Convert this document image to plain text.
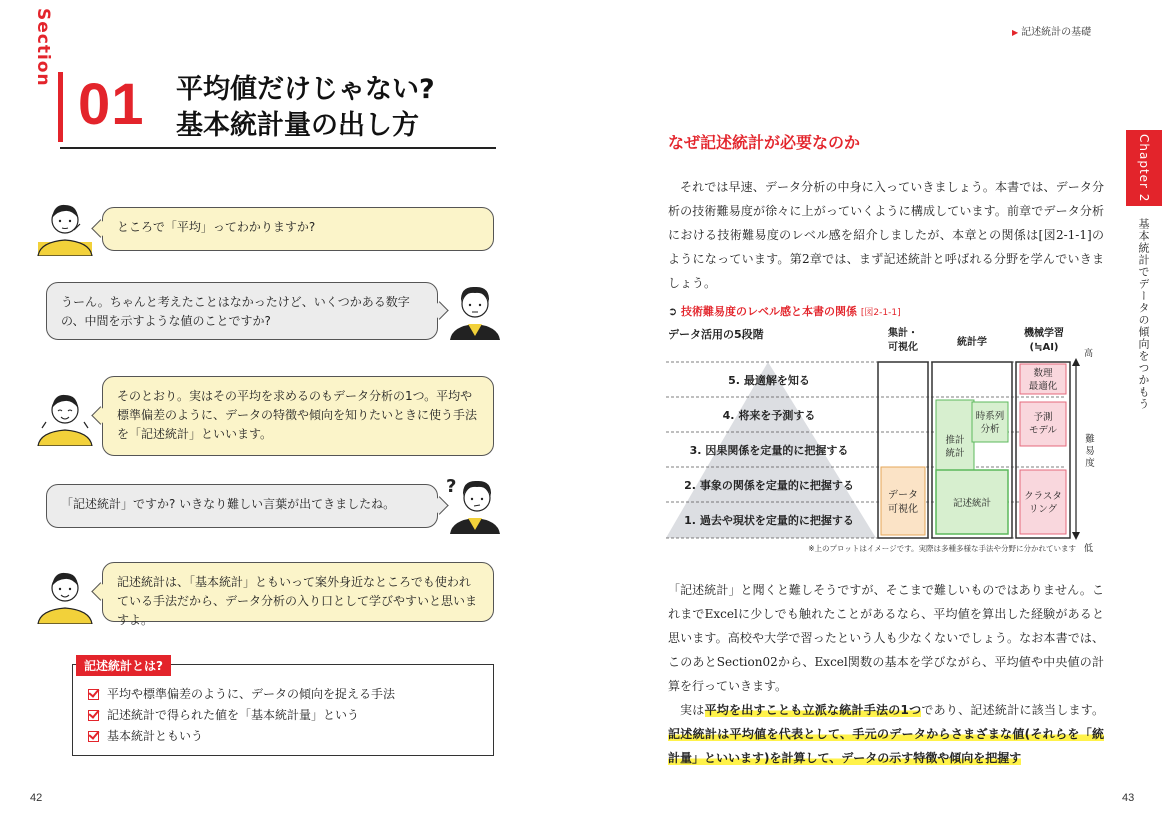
Section
01 平均値だけじゃない?
基本統計量の出し方
ところで「平均」ってわかりますか?
うーん。ちゃんと考えたことはなかったけど、いくつかある数字の、中間を示すような値のことですか?
そのとおり。実はその平均を求めるのもデータ分析の1つ。平均や標準偏差のように、データの特徴や傾向を知りたいときに使う手法を「記述統計」といいます。
「記述統計」ですか? いきなり難しい言葉が出てきましたね。
?
記述統計は、「基本統計」ともいって案外身近なところでも使われている手法だから、データ分析の入り口として学びやすいと思いますよ。
記述統計とは?
平均や標準偏差のように、データの傾向を捉える手法
記述統計で得られた値を「基本統計量」という
基本統計ともいう
42
▶ 記述統計の基礎
Chapter 2
基本統計でデータの傾向をつかもう
なぜ記述統計が必要なのか
それでは早速、データ分析の中身に入っていきましょう。本書では、データ分析の技術難易度が徐々に上がっていくように構成しています。前章でデータ分析における技術難易度のレベル感を紹介しましたが、本章との関係は[図2-1-1]のようになっています。第2章では、まず記述統計と呼ばれる分野を学んでいきましょう。
➲ 技術難易度のレベル感と本書の関係 [図2-1-1]
データ活用の5段階	集計・
可視化	統計学
機械学習
(≒AI)
5. 最適解を知る
4. 将来を予測する
3. 因果関係を定量的に把握する
2. 事象の関係を定量的に把握する
1. 過去や現状を定量的に把握する
データ
可視化
推計
統計
時系列
分析
記述統計
数理
最適化
予測
モデル
クラスタ
リング
高
難
易
度
低
※上のプロットはイメージです。実際は多種多様な手法や分野に分かれています
「記述統計」と聞くと難しそうですが、そこまで難しいものではありません。これまでExcelに少しでも触れたことがあるなら、平均値を算出した経験があると思います。高校や大学で習ったという人も少なくないでしょう。なお本書では、このあとSection02から、Excel関数の基本を学びながら、平均値や中央値の計算を行っていきます。
実は平均を出すことも立派な統計手法の1つであり、記述統計に該当します。記述統計は平均値を代表として、手元のデータからさまざまな値(それらを「統計量」といいます)を計算して、データの示す特徴や傾向を把握す
43
